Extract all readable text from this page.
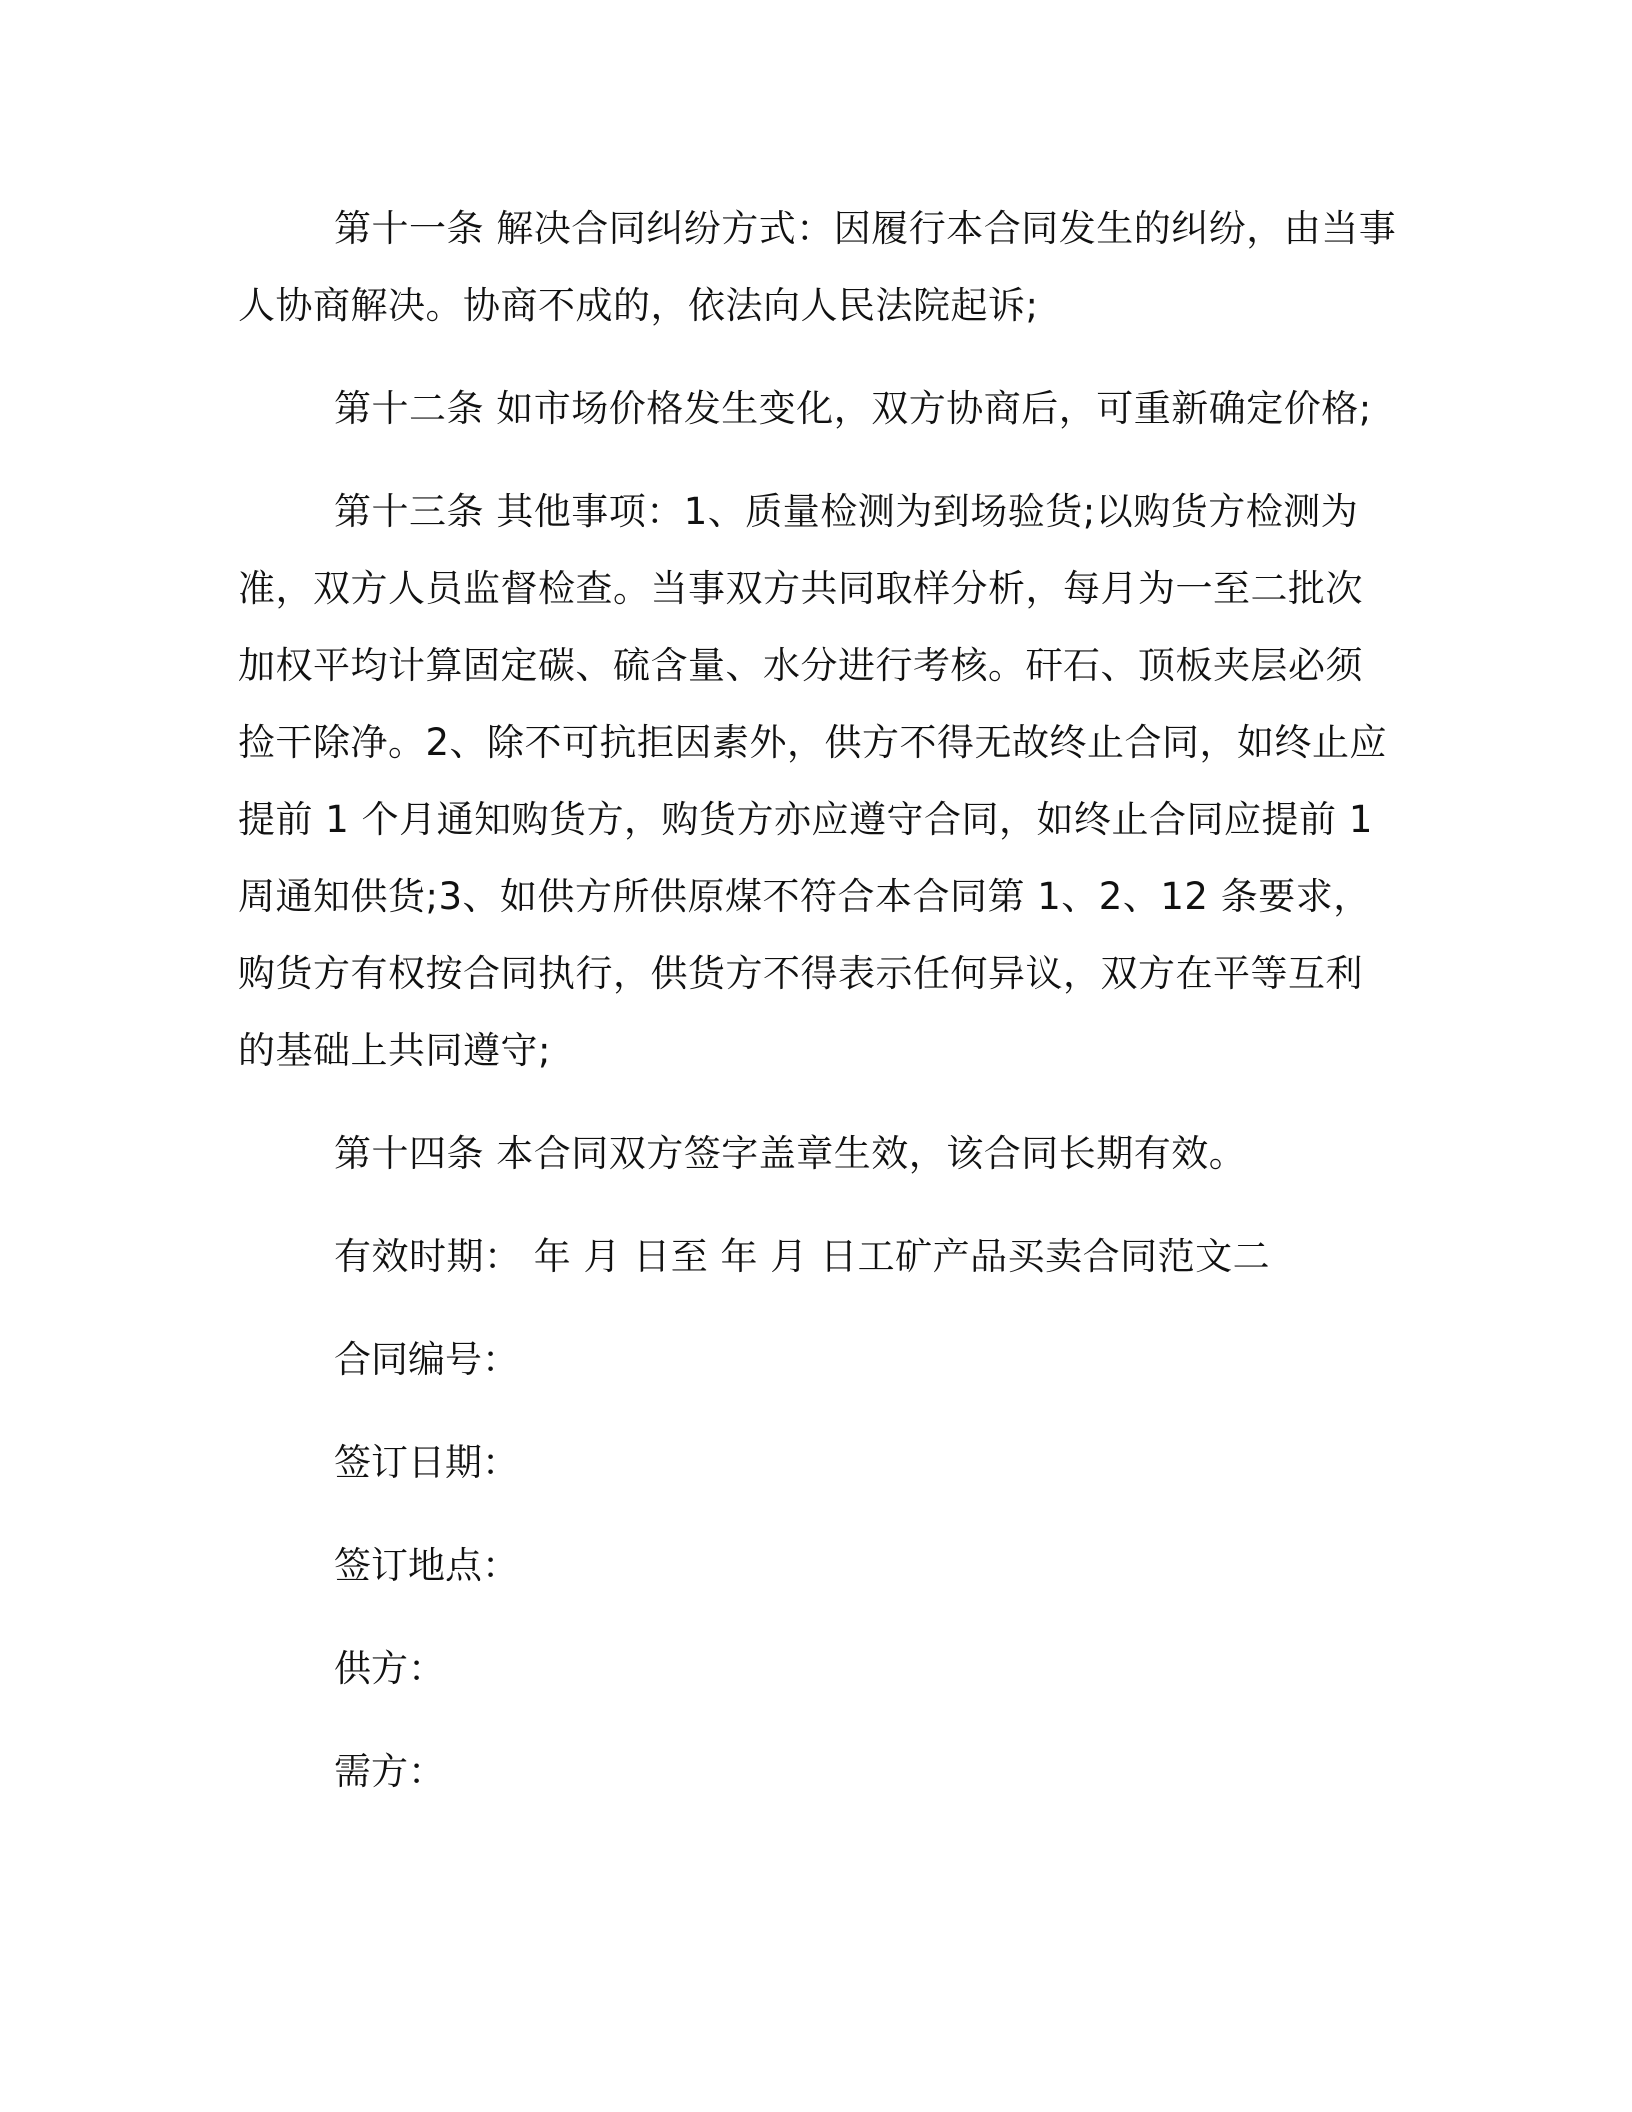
第十一条 解决合同纠纷方式：因履行本合同发生的纠纷，由当事人协商解决。协商不成的，依法向人民法院起诉;

第十二条 如市场价格发生变化，双方协商后，可重新确定价格;

第十三条 其他事项：1、质量检测为到场验货;以购货方检测为准，双方人员监督检查。当事双方共同取样分析，每月为一至二批次加权平均计算固定碳、硫含量、水分进行考核。矸石、顶板夹层必须捡干除净。2、除不可抗拒因素外，供方不得无故终止合同，如终止应提前 1 个月通知购货方，购货方亦应遵守合同，如终止合同应提前 1 周通知供货;3、如供方所供原煤不符合本合同第 1、2、12 条要求，购货方有权按合同执行，供货方不得表示任何异议，双方在平等互利的基础上共同遵守;

第十四条 本合同双方签字盖章生效，该合同长期有效。

有效时期： 年 月 日至 年 月 日工矿产品买卖合同范文二

合同编号：

签订日期：

签订地点：

供方：

需方：
